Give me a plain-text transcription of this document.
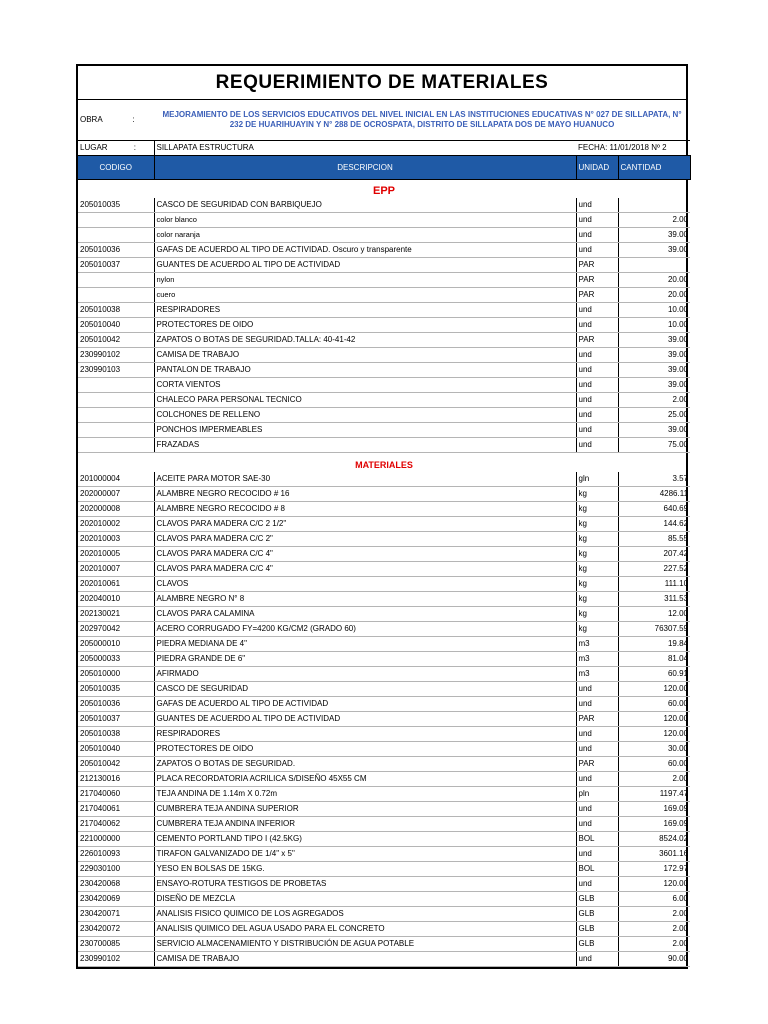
REQUERIMIENTO DE MATERIALES
OBRA :	MEJORAMIENTO DE LOS SERVICIOS EDUCATIVOS DEL NIVEL INICIAL EN LAS INSTITUCIONES EDUCATIVAS N° 027 DE SILLAPATA, N° 232 DE HUARIHUAYIN Y N° 288 DE OCROSPATA, DISTRITO DE SILLAPATA DOS DE MAYO HUANUCO		
LUGAR :	SILLAPATA ESTRUCTURA	FECHA: 11/01/2018 Nº 2	
CODIGO	DESCRIPCION	UNIDAD	CANTIDAD

EPP			
205010035	CASCO DE SEGURIDAD CON BARBIQUEJO	und	
	color blanco	und	2.00
	color naranja	und	39.00
205010036	GAFAS DE ACUERDO AL TIPO DE ACTIVIDAD. Oscuro y transparente	und	39.00
205010037	GUANTES DE ACUERDO AL TIPO DE ACTIVIDAD	PAR	
	nylon	PAR	20.00
	cuero	PAR	20.00
205010038	RESPIRADORES	und	10.00
205010040	PROTECTORES DE OIDO	und	10.00
205010042	ZAPATOS O BOTAS DE SEGURIDAD.TALLA: 40-41-42	PAR	39.00
230990102	CAMISA DE TRABAJO	und	39.00
230990103	PANTALON DE TRABAJO	und	39.00
	CORTA VIENTOS	und	39.00
	CHALECO PARA PERSONAL TECNICO	und	2.00
	COLCHONES DE RELLENO	und	25.00
	PONCHOS IMPERMEABLES	und	39.00
	FRAZADAS	und	75.00

MATERIALES			
201000004	ACEITE PARA MOTOR SAE-30	gln	3.57
202000007	ALAMBRE NEGRO RECOCIDO # 16	kg	4286.11
202000008	ALAMBRE NEGRO RECOCIDO # 8	kg	640.69
202010002	CLAVOS PARA MADERA C/C 2 1/2"	kg	144.62
202010003	CLAVOS PARA MADERA C/C 2"	kg	85.55
202010005	CLAVOS PARA MADERA C/C 4"	kg	207.42
202010007	CLAVOS PARA MADERA C/C 4"	kg	227.52
202010061	CLAVOS	kg	111.10
202040010	ALAMBRE NEGRO N° 8	kg	311.53
202130021	CLAVOS PARA CALAMINA	kg	12.00
202970042	ACERO CORRUGADO FY=4200 KG/CM2 (GRADO 60)	kg	76307.59
205000010	PIEDRA MEDIANA DE 4"	m3	19.84
205000033	PIEDRA GRANDE DE 6"	m3	81.04
205010000	AFIRMADO	m3	60.91
205010035	CASCO DE SEGURIDAD	und	120.00
205010036	GAFAS DE ACUERDO AL TIPO DE ACTIVIDAD	und	60.00
205010037	GUANTES DE ACUERDO AL TIPO DE ACTIVIDAD	PAR	120.00
205010038	RESPIRADORES	und	120.00
205010040	PROTECTORES DE OIDO	und	30.00
205010042	ZAPATOS O BOTAS DE SEGURIDAD.	PAR	60.00
212130016	PLACA RECORDATORIA ACRILICA S/DISEÑO 45X55 CM	und	2.00
217040060	TEJA ANDINA DE 1.14m X 0.72m	pln	1197.47
217040061	CUMBRERA TEJA ANDINA SUPERIOR	und	169.09
217040062	CUMBRERA TEJA ANDINA INFERIOR	und	169.09
221000000	CEMENTO PORTLAND TIPO I (42.5KG)	BOL	8524.02
226010093	TIRAFON GALVANIZADO DE 1/4" x 5"	und	3601.16
229030100	YESO EN BOLSAS DE 15KG.	BOL	172.97
230420068	ENSAYO-ROTURA TESTIGOS DE PROBETAS	und	120.00
230420069	DISEÑO DE MEZCLA	GLB	6.00
230420071	ANALISIS FISICO QUIMICO DE LOS AGREGADOS	GLB	2.00
230420072	ANALISIS QUIMICO DEL AGUA USADO PARA EL CONCRETO	GLB	2.00
230700085	SERVICIO ALMACENAMIENTO Y DISTRIBUCIÓN DE AGUA POTABLE	GLB	2.00
230990102	CAMISA DE TRABAJO	und	90.00
